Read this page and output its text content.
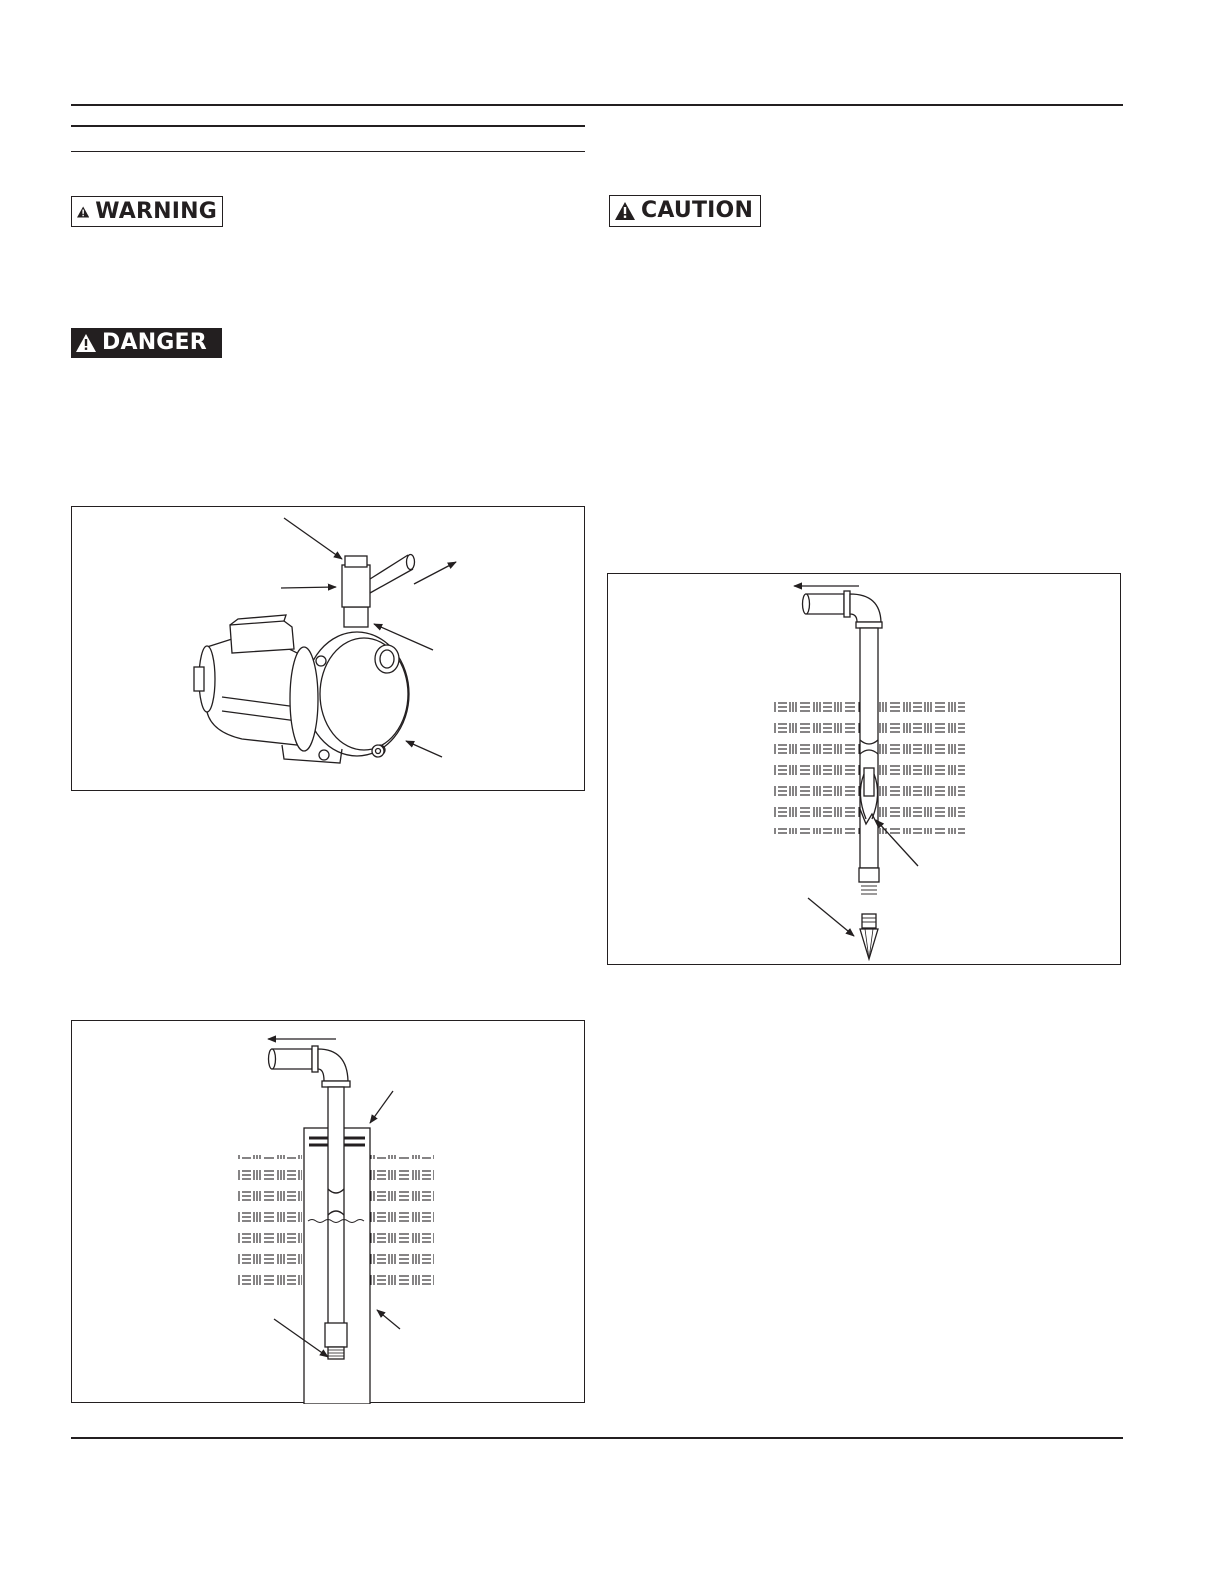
WARNING
DANGER
CAUTION
